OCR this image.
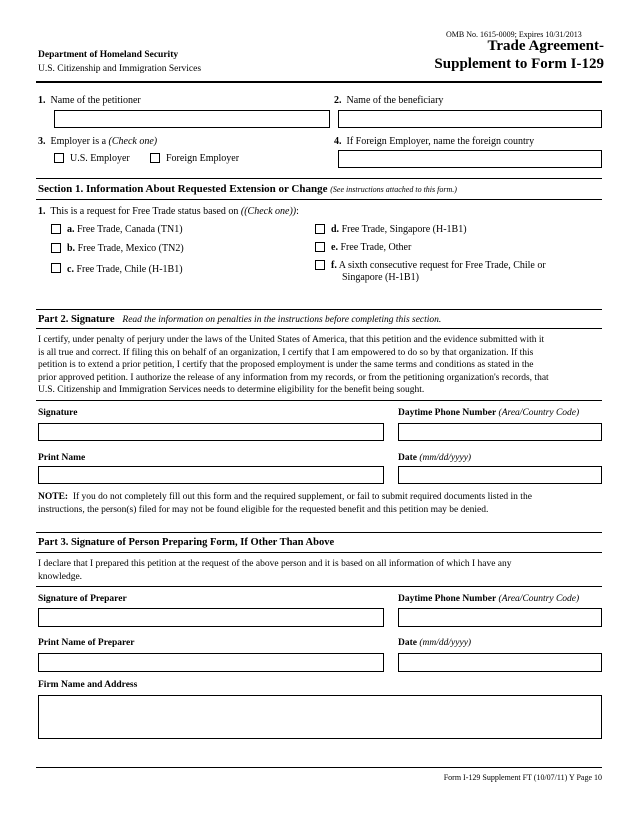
OMB No. 1615-0009; Expires 10/31/2013
Trade Agreement-
Supplement to Form I-129
Department of Homeland Security
U.S. Citizenship and Immigration Services
1. Name of the petitioner	2. Name of the beneficiary
3. Employer is a (Check one)
U.S. Employer	Foreign Employer
4. If Foreign Employer, name the foreign country
Section 1. Information About Requested Extension or Change (See instructions attached to this form.)
1. This is a request for Free Trade status based on ((Check one)):
a. Free Trade, Canada (TN1)
b. Free Trade, Mexico (TN2)
c. Free Trade, Chile (H-1B1)
d. Free Trade, Singapore (H-1B1)
e. Free Trade, Other
f. A sixth consecutive request for Free Trade, Chile or
Singapore (H-1B1)
Part 2. Signature Read the information on penalties in the instructions before completing this section.
I certify, under penalty of perjury under the laws of the United States of America, that this petition and the evidence submitted with it
is all true and correct. If filing this on behalf of an organization, I certify that I am empowered to do so by that organization. If this
petition is to extend a prior petition, I certify that the proposed employment is under the same terms and conditions as stated in the
prior approved petition. I authorize the release of any information from my records, or from the petitioning organization's records, that
U.S. Citizenship and Immigration Services needs to determine eligibility for the benefit being sought.
Signature	Daytime Phone Number (Area/Country Code)
Print Name	Date (mm/dd/yyyy)
NOTE: If you do not completely fill out this form and the required supplement, or fail to submit required documents listed in the
instructions, the person(s) filed for may not be found eligible for the requested benefit and this petition may be denied.
Part 3. Signature of Person Preparing Form, If Other Than Above
I declare that I prepared this petition at the request of the above person and it is based on all information of which I have any
knowledge.
Signature of Preparer	Daytime Phone Number (Area/Country Code)
Print Name of Preparer	Date (mm/dd/yyyy)
Firm Name and Address
Form I-129 Supplement FT (10/07/11) Y Page 10
